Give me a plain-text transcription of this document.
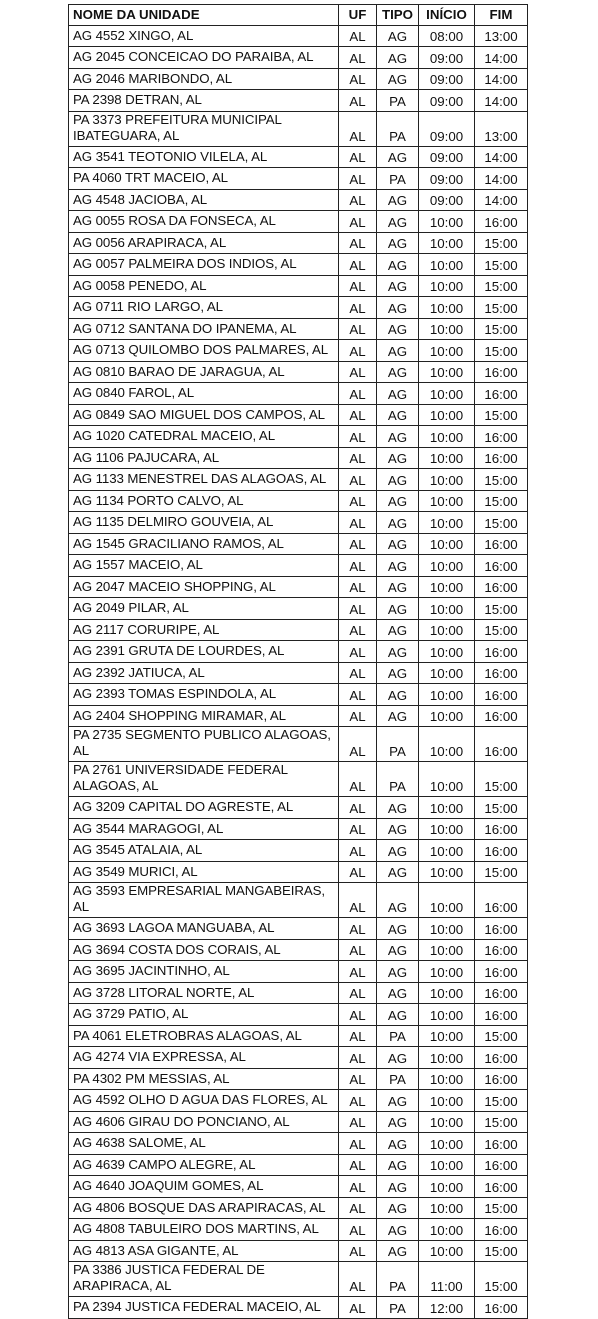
NOME DA UNIDADE	UF	TIPO	INÍCIO	FIM
AG 4552 XINGO, AL	AL	AG	08:00	13:00
AG 2045 CONCEICAO DO PARAIBA, AL	AL	AG	09:00	14:00
AG 2046 MARIBONDO, AL	AL	AG	09:00	14:00
PA 2398 DETRAN, AL	AL	PA	09:00	14:00
PA 3373 PREFEITURA MUNICIPAL IBATEGUARA, AL	AL	PA	09:00	13:00
AG 3541 TEOTONIO VILELA, AL	AL	AG	09:00	14:00
PA 4060 TRT MACEIO, AL	AL	PA	09:00	14:00
AG 4548 JACIOBA, AL	AL	AG	09:00	14:00
AG 0055 ROSA DA FONSECA, AL	AL	AG	10:00	16:00
AG 0056 ARAPIRACA, AL	AL	AG	10:00	15:00
AG 0057 PALMEIRA DOS INDIOS, AL	AL	AG	10:00	15:00
AG 0058 PENEDO, AL	AL	AG	10:00	15:00
AG 0711 RIO LARGO, AL	AL	AG	10:00	15:00
AG 0712 SANTANA DO IPANEMA, AL	AL	AG	10:00	15:00
AG 0713 QUILOMBO DOS PALMARES, AL	AL	AG	10:00	15:00
AG 0810 BARAO DE JARAGUA, AL	AL	AG	10:00	16:00
AG 0840 FAROL, AL	AL	AG	10:00	16:00
AG 0849 SAO MIGUEL DOS CAMPOS, AL	AL	AG	10:00	15:00
AG 1020 CATEDRAL MACEIO, AL	AL	AG	10:00	16:00
AG 1106 PAJUCARA, AL	AL	AG	10:00	16:00
AG 1133 MENESTREL DAS ALAGOAS, AL	AL	AG	10:00	15:00
AG 1134 PORTO CALVO, AL	AL	AG	10:00	15:00
AG 1135 DELMIRO GOUVEIA, AL	AL	AG	10:00	15:00
AG 1545 GRACILIANO RAMOS, AL	AL	AG	10:00	16:00
AG 1557 MACEIO, AL	AL	AG	10:00	16:00
AG 2047 MACEIO SHOPPING, AL	AL	AG	10:00	16:00
AG 2049 PILAR, AL	AL	AG	10:00	15:00
AG 2117 CORURIPE, AL	AL	AG	10:00	15:00
AG 2391 GRUTA DE LOURDES, AL	AL	AG	10:00	16:00
AG 2392 JATIUCA, AL	AL	AG	10:00	16:00
AG 2393 TOMAS ESPINDOLA, AL	AL	AG	10:00	16:00
AG 2404 SHOPPING MIRAMAR, AL	AL	AG	10:00	16:00
PA 2735 SEGMENTO PUBLICO ALAGOAS, AL	AL	PA	10:00	16:00
PA 2761 UNIVERSIDADE FEDERAL ALAGOAS, AL	AL	PA	10:00	15:00
AG 3209 CAPITAL DO AGRESTE, AL	AL	AG	10:00	15:00
AG 3544 MARAGOGI, AL	AL	AG	10:00	16:00
AG 3545 ATALAIA, AL	AL	AG	10:00	16:00
AG 3549 MURICI, AL	AL	AG	10:00	15:00
AG 3593 EMPRESARIAL MANGABEIRAS, AL	AL	AG	10:00	16:00
AG 3693 LAGOA MANGUABA, AL	AL	AG	10:00	16:00
AG 3694 COSTA DOS CORAIS, AL	AL	AG	10:00	16:00
AG 3695 JACINTINHO, AL	AL	AG	10:00	16:00
AG 3728 LITORAL NORTE, AL	AL	AG	10:00	16:00
AG 3729 PATIO, AL	AL	AG	10:00	16:00
PA 4061 ELETROBRAS ALAGOAS, AL	AL	PA	10:00	15:00
AG 4274 VIA EXPRESSA, AL	AL	AG	10:00	16:00
PA 4302 PM MESSIAS, AL	AL	PA	10:00	16:00
AG 4592 OLHO D AGUA DAS FLORES, AL	AL	AG	10:00	15:00
AG 4606 GIRAU DO PONCIANO, AL	AL	AG	10:00	15:00
AG 4638 SALOME, AL	AL	AG	10:00	16:00
AG 4639 CAMPO ALEGRE, AL	AL	AG	10:00	16:00
AG 4640 JOAQUIM GOMES, AL	AL	AG	10:00	16:00
AG 4806 BOSQUE DAS ARAPIRACAS, AL	AL	AG	10:00	15:00
AG 4808 TABULEIRO DOS MARTINS, AL	AL	AG	10:00	16:00
AG 4813 ASA GIGANTE, AL	AL	AG	10:00	15:00
PA 3386 JUSTICA FEDERAL DE ARAPIRACA, AL	AL	PA	11:00	15:00
PA 2394 JUSTICA FEDERAL MACEIO, AL	AL	PA	12:00	16:00
